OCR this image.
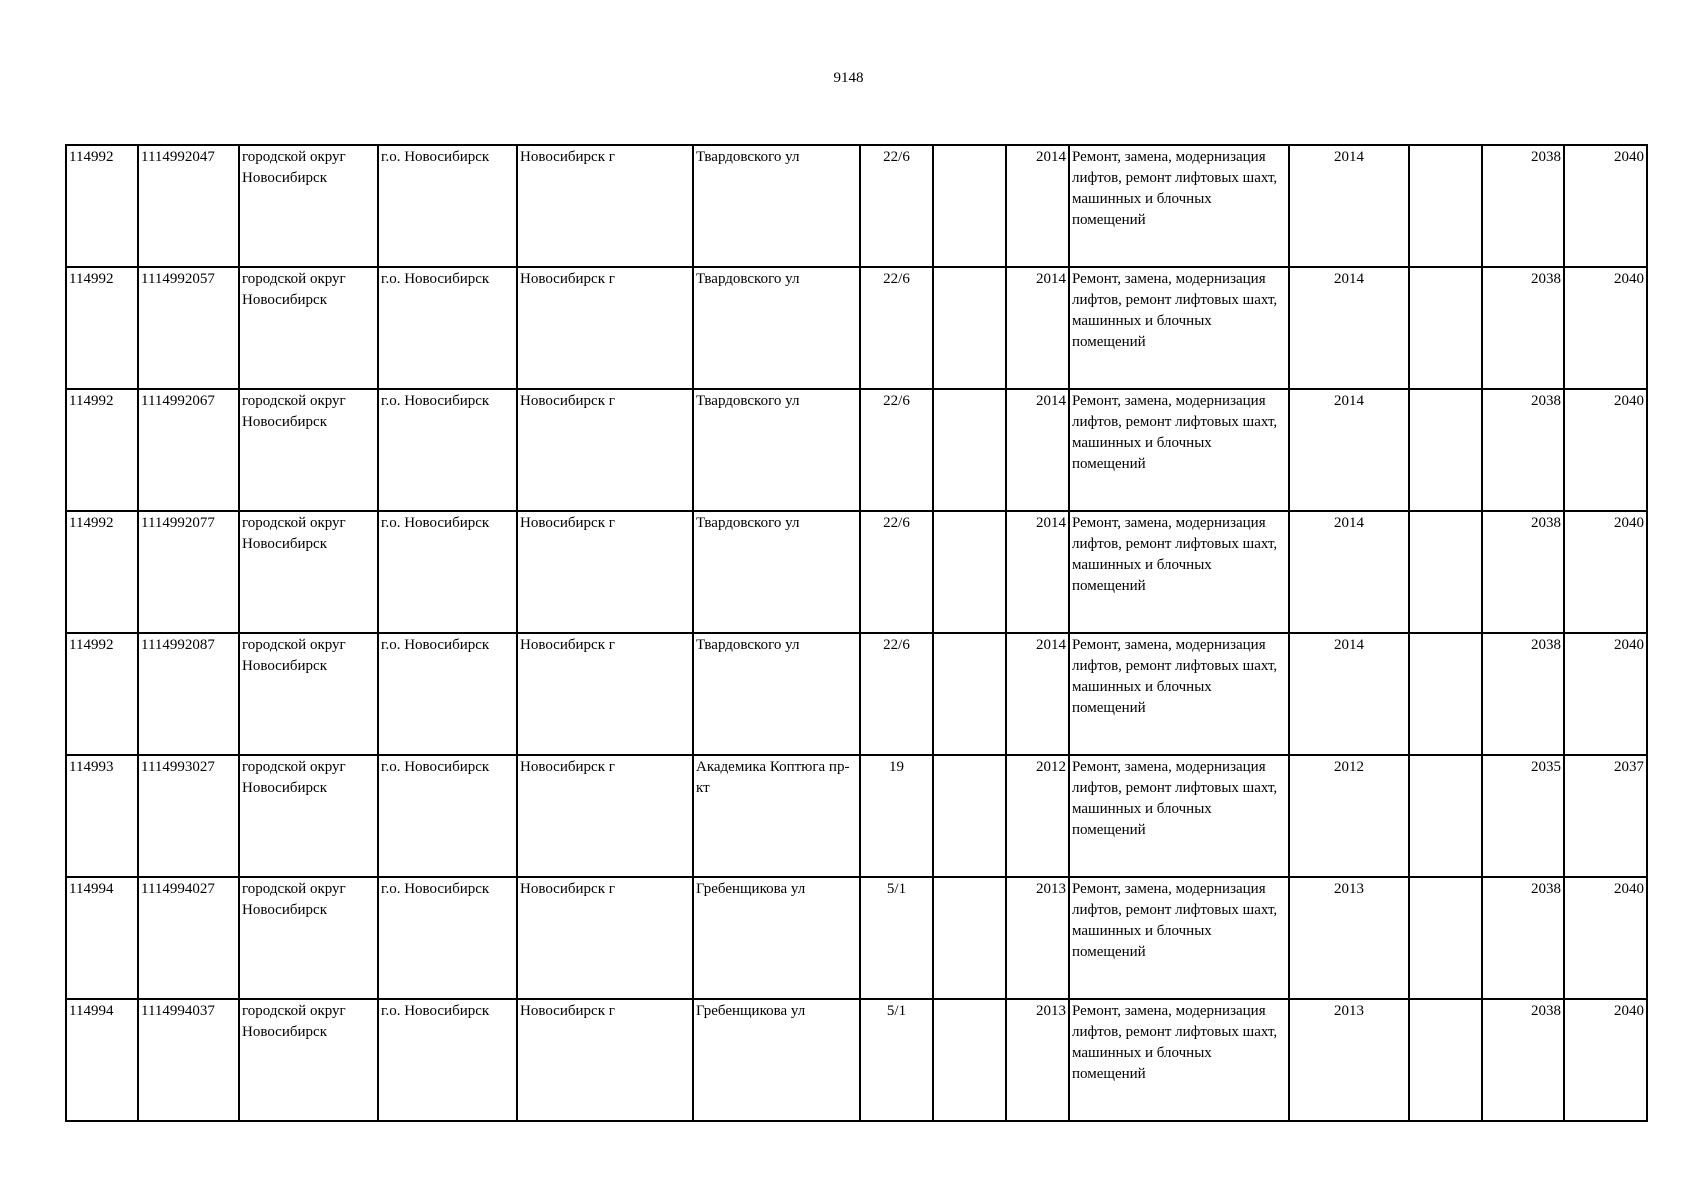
9148
114992	1114992047	городской округ Новосибирск	г.о. Новосибирск	Новосибирск г	Твардовского ул	22/6		2014	Ремонт, замена, модернизация лифтов, ремонт лифтовых шахт, машинных и блочных помещений	2014		2038	2040
114992	1114992057	городской округ Новосибирск	г.о. Новосибирск	Новосибирск г	Твардовского ул	22/6		2014	Ремонт, замена, модернизация лифтов, ремонт лифтовых шахт, машинных и блочных помещений	2014		2038	2040
114992	1114992067	городской округ Новосибирск	г.о. Новосибирск	Новосибирск г	Твардовского ул	22/6		2014	Ремонт, замена, модернизация лифтов, ремонт лифтовых шахт, машинных и блочных помещений	2014		2038	2040
114992	1114992077	городской округ Новосибирск	г.о. Новосибирск	Новосибирск г	Твардовского ул	22/6		2014	Ремонт, замена, модернизация лифтов, ремонт лифтовых шахт, машинных и блочных помещений	2014		2038	2040
114992	1114992087	городской округ Новосибирск	г.о. Новосибирск	Новосибирск г	Твардовского ул	22/6		2014	Ремонт, замена, модернизация лифтов, ремонт лифтовых шахт, машинных и блочных помещений	2014		2038	2040
114993	1114993027	городской округ Новосибирск	г.о. Новосибирск	Новосибирск г	Академика Коптюга пр-кт	19		2012	Ремонт, замена, модернизация лифтов, ремонт лифтовых шахт, машинных и блочных помещений	2012		2035	2037
114994	1114994027	городской округ Новосибирск	г.о. Новосибирск	Новосибирск г	Гребенщикова ул	5/1		2013	Ремонт, замена, модернизация лифтов, ремонт лифтовых шахт, машинных и блочных помещений	2013		2038	2040
114994	1114994037	городской округ Новосибирск	г.о. Новосибирск	Новосибирск г	Гребенщикова ул	5/1		2013	Ремонт, замена, модернизация лифтов, ремонт лифтовых шахт, машинных и блочных помещений	2013		2038	2040
